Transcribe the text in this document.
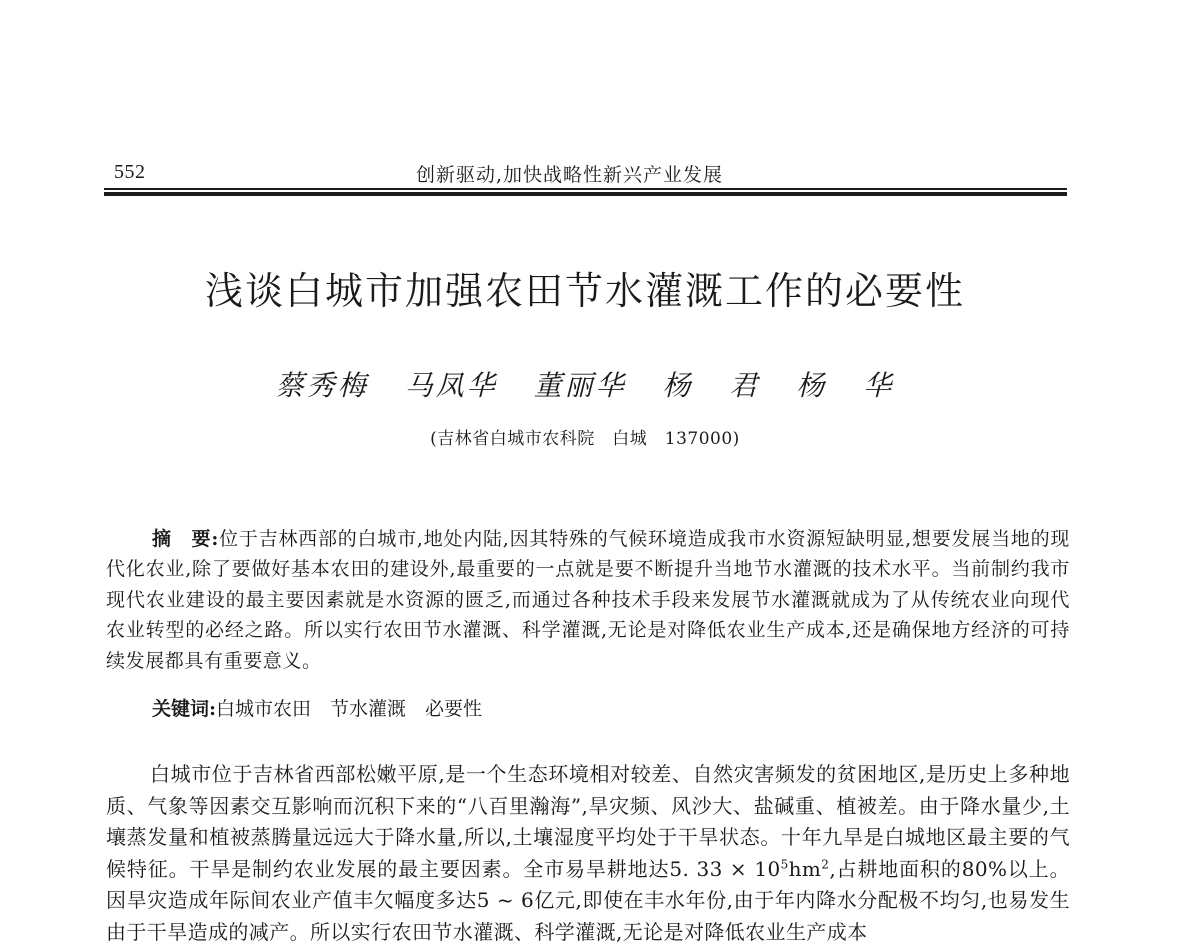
552	创新驱动,加快战略性新兴产业发展
浅谈白城市加强农田节水灌溉工作的必要性
蔡秀梅 马凤华 董丽华 杨 君 杨 华
(吉林省白城市农科院　白城　137000)
摘　要:位于吉林西部的白城市,地处内陆,因其特殊的气候环境造成我市水资源短缺明显,想要发展当地的现代化农业,除了要做好基本农田的建设外,最重要的一点就是要不断提升当地节水灌溉的技术水平。当前制约我市现代农业建设的最主要因素就是水资源的匮乏,而通过各种技术手段来发展节水灌溉就成为了从传统农业向现代农业转型的必经之路。所以实行农田节水灌溉、科学灌溉,无论是对降低农业生产成本,还是确保地方经济的可持续发展都具有重要意义。
关键词:白城市农田　节水灌溉　必要性
白城市位于吉林省西部松嫩平原,是一个生态环境相对较差、自然灾害频发的贫困地区,是历史上多种地质、气象等因素交互影响而沉积下来的“八百里瀚海”,旱灾频、风沙大、盐碱重、植被差。由于降水量少,土壤蒸发量和植被蒸腾量远远大于降水量,所以,土壤湿度平均处于干旱状态。十年九旱是白城地区最主要的气候特征。干旱是制约农业发展的最主要因素。全市易旱耕地达5. $33 \times 10^5hm^2$,占耕地面积的80%以上。因旱灾造成年际间农业产值丰欠幅度多达5 ~ 6亿元,即使在丰水年份,由于年内降水分配极不均匀,也易发生由于干旱造成的减产。所以实行农田节水灌溉、科学灌溉,无论是对降低农业生产成本
